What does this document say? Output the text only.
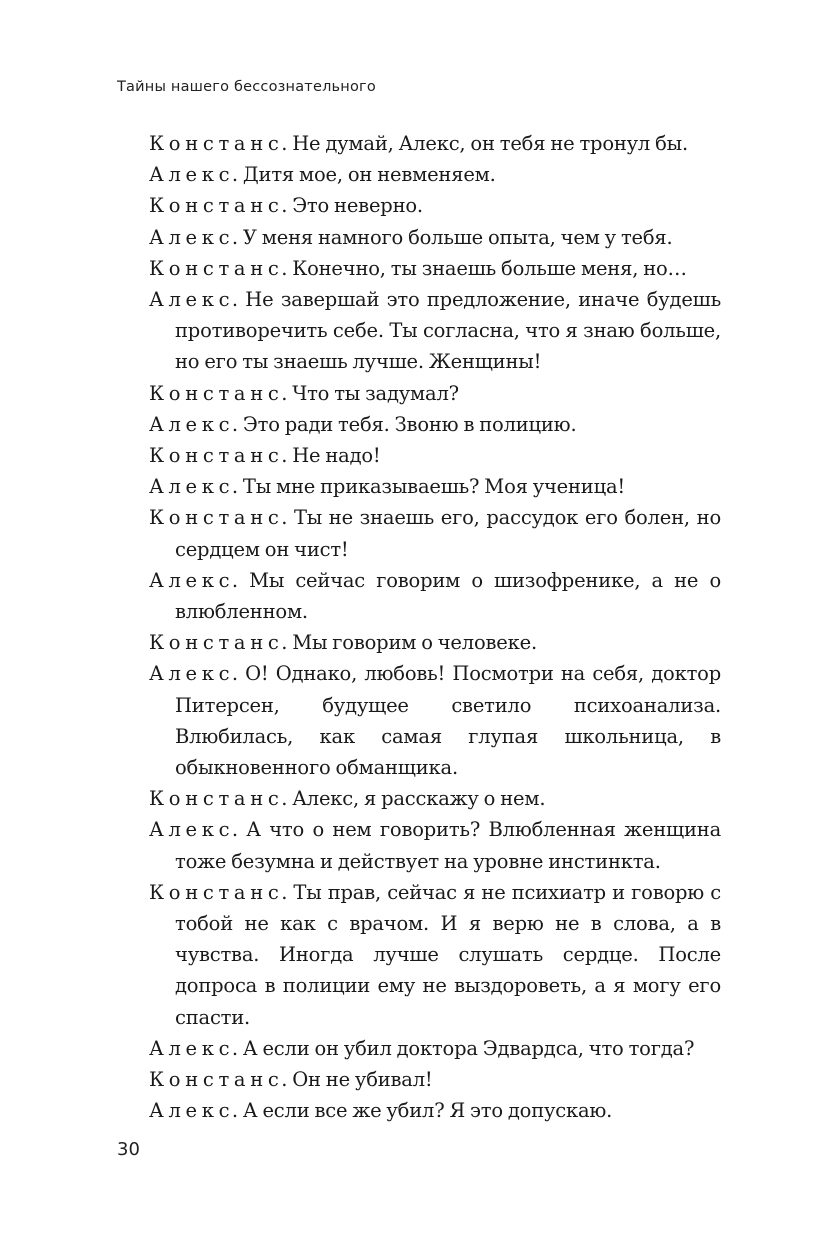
Тайны нашего бессознательного

Констанс. Не думай, Алекс, он тебя не тронул бы.

Алекс. Дитя мое, он невменяем.

Констанс. Это неверно.

Алекс. У меня намного больше опыта, чем у тебя.

Констанс. Конечно, ты знаешь больше меня, но…

Алекс. Не завершай это предложение, иначе будешь противоречить себе. Ты согласна, что я знаю больше, но его ты знаешь лучше. Женщины!

Констанс. Что ты задумал?

Алекс. Это ради тебя. Звоню в полицию.

Констанс. Не надо!

Алекс. Ты мне приказываешь? Моя ученица!

Констанс. Ты не знаешь его, рассудок его болен, но сердцем он чист!

Алекс. Мы сейчас говорим о шизофренике, а не о влюбленном.

Констанс. Мы говорим о человеке.

Алекс. О! Однако, любовь! Посмотри на себя, доктор Питерсен, будущее светило психоанализа. Влюбилась, как самая глупая школьница, в обыкновенного обманщика.

Констанс. Алекс, я расскажу о нем.

Алекс. А что о нем говорить? Влюбленная женщина тоже безумна и действует на уровне инстинкта.

Констанс. Ты прав, сейчас я не психиатр и говорю с тобой не как с врачом. И я верю не в слова, а в чувства. Иногда лучше слушать сердце. После допроса в полиции ему не выздороветь, а я могу его спасти.

Алекс. А если он убил доктора Эдвардса, что тогда?

Констанс. Он не убивал!

Алекс. А если все же убил? Я это допускаю.

30
